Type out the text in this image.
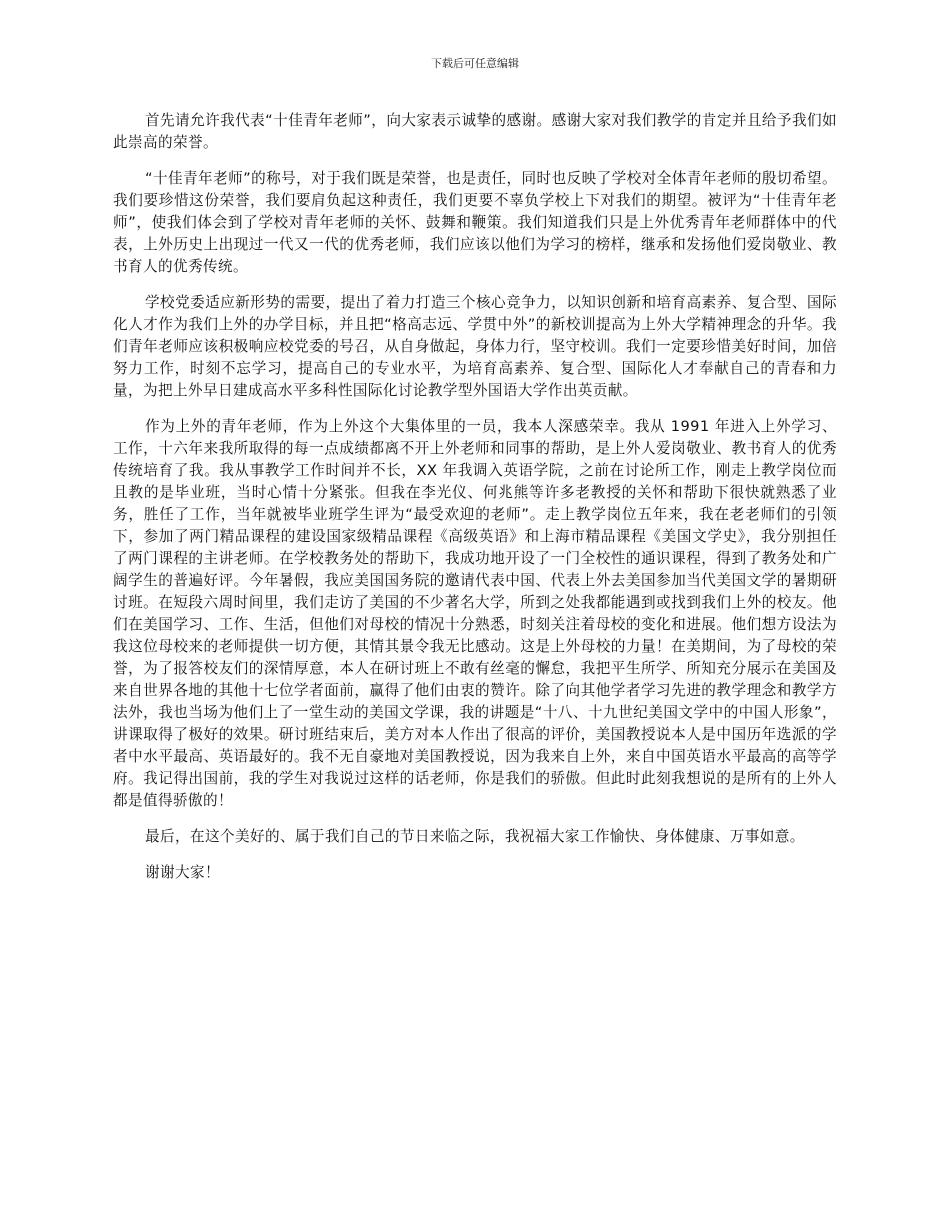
下载后可任意编辑

首先请允许我代表“十佳青年老师”，向大家表示诚挚的感谢。感谢大家对我们教学的肯定并且给予我们如此崇高的荣誉。

“十佳青年老师”的称号，对于我们既是荣誉，也是责任，同时也反映了学校对全体青年老师的殷切希望。我们要珍惜这份荣誉，我们要肩负起这种责任，我们更要不辜负学校上下对我们的期望。被评为“十佳青年老师”，使我们体会到了学校对青年老师的关怀、鼓舞和鞭策。我们知道我们只是上外优秀青年老师群体中的代表，上外历史上出现过一代又一代的优秀老师，我们应该以他们为学习的榜样，继承和发扬他们爱岗敬业、教书育人的优秀传统。

学校党委适应新形势的需要，提出了着力打造三个核心竞争力，以知识创新和培育高素养、复合型、国际化人才作为我们上外的办学目标，并且把“格高志远、学贯中外”的新校训提高为上外大学精神理念的升华。我们青年老师应该积极响应校党委的号召，从自身做起，身体力行，坚守校训。我们一定要珍惜美好时间，加倍努力工作，时刻不忘学习，提高自己的专业水平，为培育高素养、复合型、国际化人才奉献自己的青春和力量，为把上外早日建成高水平多科性国际化讨论教学型外国语大学作出英贡献。

作为上外的青年老师，作为上外这个大集体里的一员，我本人深感荣幸。我从 1991 年进入上外学习、工作，十六年来我所取得的每一点成绩都离不开上外老师和同事的帮助，是上外人爱岗敬业、教书育人的优秀传统培育了我。我从事教学工作时间并不长，XX 年我调入英语学院，之前在讨论所工作，刚走上教学岗位而且教的是毕业班，当时心情十分紧张。但我在李光仪、何兆熊等许多老教授的关怀和帮助下很快就熟悉了业务，胜任了工作，当年就被毕业班学生评为“最受欢迎的老师”。走上教学岗位五年来，我在老老师们的引领下，参加了两门精品课程的建设国家级精品课程《高级英语》和上海市精品课程《美国文学史》，我分别担任了两门课程的主讲老师。在学校教务处的帮助下，我成功地开设了一门全校性的通识课程，得到了教务处和广阔学生的普遍好评。今年暑假，我应美国国务院的邀请代表中国、代表上外去美国参加当代美国文学的暑期研讨班。在短段六周时间里，我们走访了美国的不少著名大学，所到之处我都能遇到或找到我们上外的校友。他们在美国学习、工作、生活，但他们对母校的情况十分熟悉，时刻关注着母校的变化和进展。他们想方设法为我这位母校来的老师提供一切方便，其情其景令我无比感动。这是上外母校的力量！在美期间，为了母校的荣誉，为了报答校友们的深情厚意，本人在研讨班上不敢有丝毫的懈怠，我把平生所学、所知充分展示在美国及来自世界各地的其他十七位学者面前，赢得了他们由衷的赞许。除了向其他学者学习先进的教学理念和教学方法外，我也当场为他们上了一堂生动的美国文学课，我的讲题是“十八、十九世纪美国文学中的中国人形象”，讲课取得了极好的效果。研讨班结束后，美方对本人作出了很高的评价，美国教授说本人是中国历年选派的学者中水平最高、英语最好的。我不无自豪地对美国教授说，因为我来自上外，来自中国英语水平最高的高等学府。我记得出国前，我的学生对我说过这样的话老师，你是我们的骄傲。但此时此刻我想说的是所有的上外人都是值得骄傲的！

最后，在这个美好的、属于我们自己的节日来临之际，我祝福大家工作愉快、身体健康、万事如意。

谢谢大家！
